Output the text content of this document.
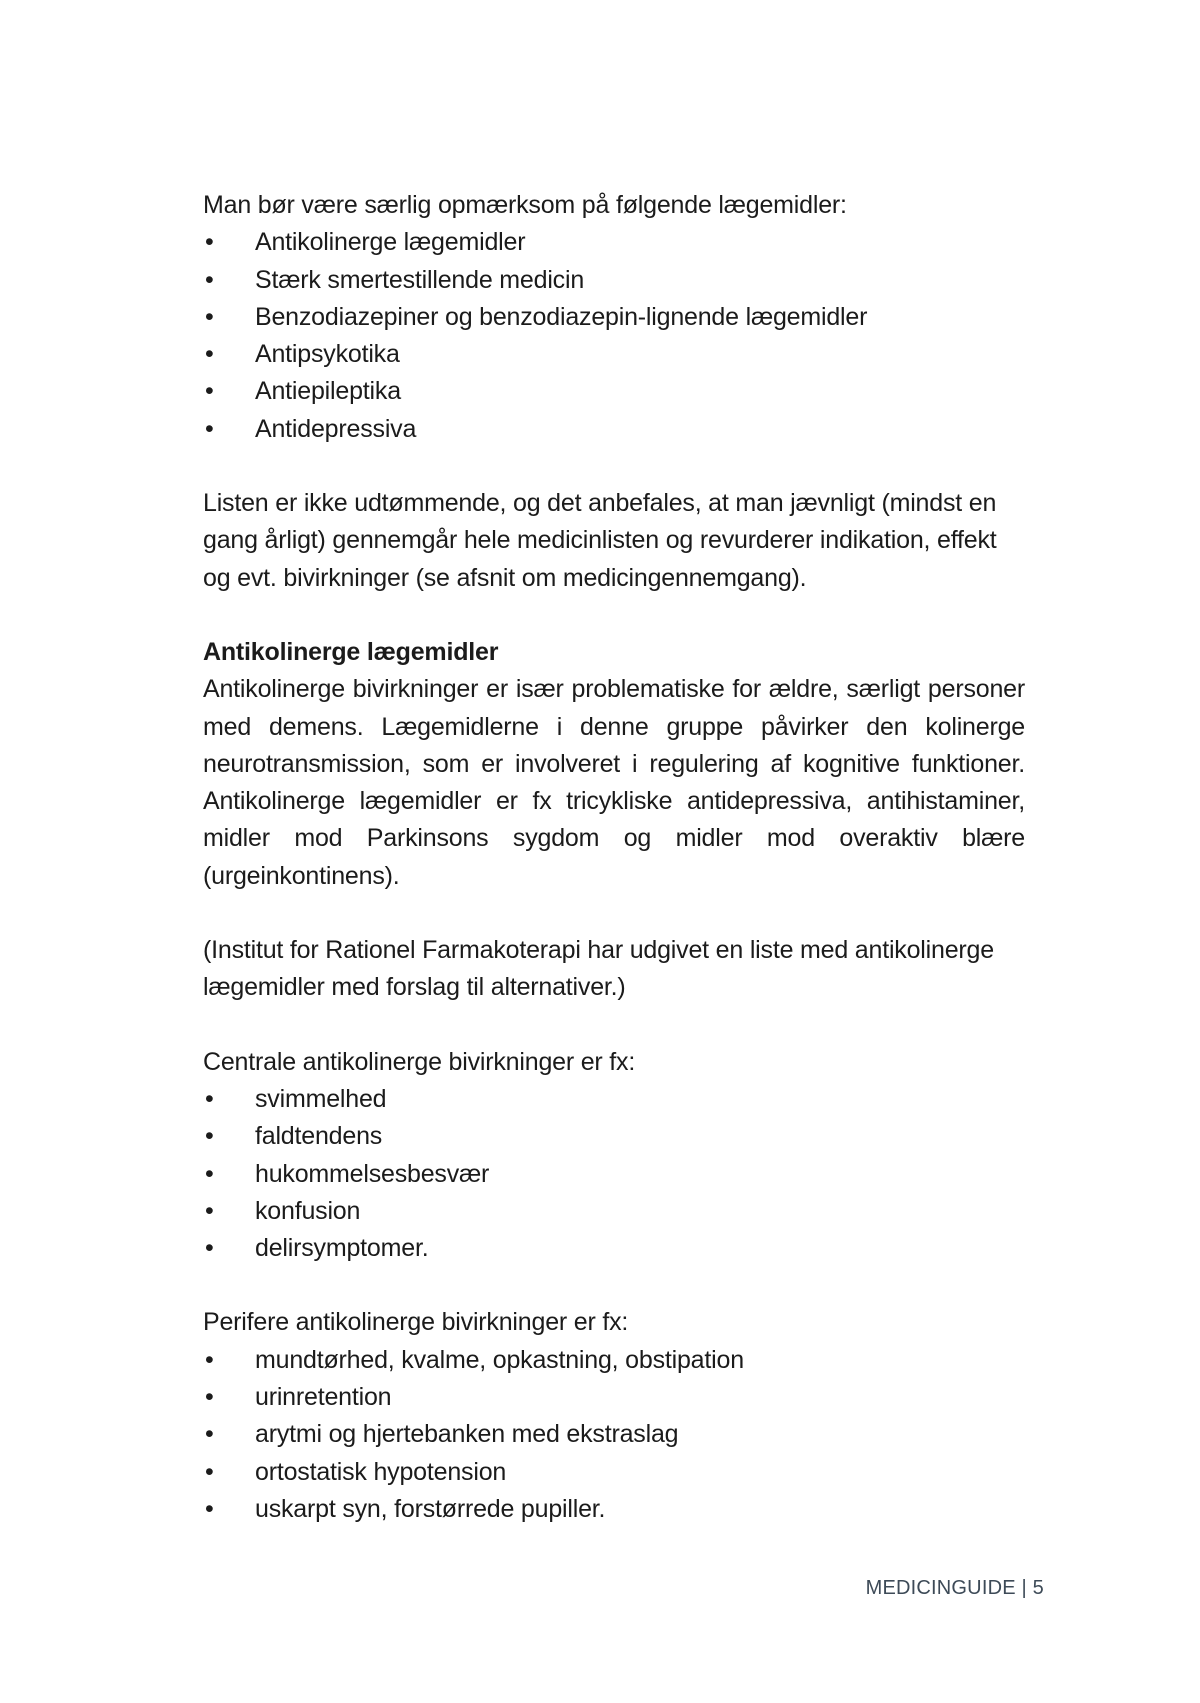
Man bør være særlig opmærksom på følgende lægemidler:

• Antikolinerge lægemidler
• Stærk smertestillende medicin
• Benzodiazepiner og benzodiazepin-lignende lægemidler
• Antipsykotika
• Antiepileptika
• Antidepressiva

Listen er ikke udtømmende, og det anbefales, at man jævnligt (mindst en gang årligt) gennemgår hele medicinlisten og revurderer indikation, effekt og evt. bivirkninger (se afsnit om medicingennemgang).

Antikolinerge lægemidler

Antikolinerge bivirkninger er især problematiske for ældre, særligt personer med demens. Lægemidlerne i denne gruppe påvirker den kolinerge neurotransmission, som er involveret i regulering af kognitive funktioner. Antikolinerge lægemidler er fx tricykliske antidepressiva, antihistaminer, midler mod Parkinsons sygdom og midler mod overaktiv blære (urgeinkontinens).

(Institut for Rationel Farmakoterapi har udgivet en liste med antikolinerge lægemidler med forslag til alternativer.)

Centrale antikolinerge bivirkninger er fx:

• svimmelhed
• faldtendens
• hukommelsesbesvær
• konfusion
• delirsymptomer.

Perifere antikolinerge bivirkninger er fx:

• mundtørhed, kvalme, opkastning, obstipation
• urinretention
• arytmi og hjertebanken med ekstraslag
• ortostatisk hypotension
• uskarpt syn, forstørrede pupiller.
MEDICINGUIDE | 5
